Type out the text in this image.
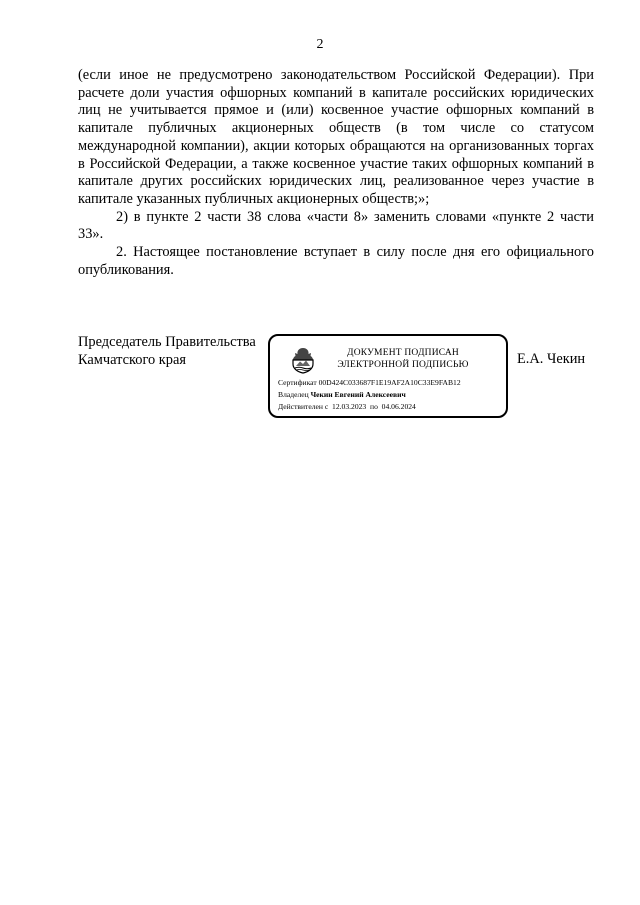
2

(если иное не предусмотрено законодательством Российской Федерации). При расчете доли участия офшорных компаний в капитале российских юридических лиц не учитывается прямое и (или) косвенное участие офшорных компаний в капитале публичных акционерных обществ (в том числе со статусом международной компании), акции которых обращаются на организованных торгах в Российской Федерации, а также косвенное участие таких офшорных компаний в капитале других российских юридических лиц, реализованное через участие в капитале указанных публичных акционерных обществ;»;

2) в пункте 2 части 38 слова «части 8» заменить словами «пункте 2 части 33».

2. Настоящее постановление вступает в силу после дня его официального опубликования.

Председатель Правительства
Камчатского края	ДОКУМЕНТ ПОДПИСАН
ЭЛЕКТРОННОЙ ПОДПИСЬЮ
Сертификат 00D424C033687F1E19AF2A10C33E9FAB12
Владелец Чекин Евгений Алексеевич
Действителен с 12.03.2023 по 04.06.2024
Е.А. Чекин
